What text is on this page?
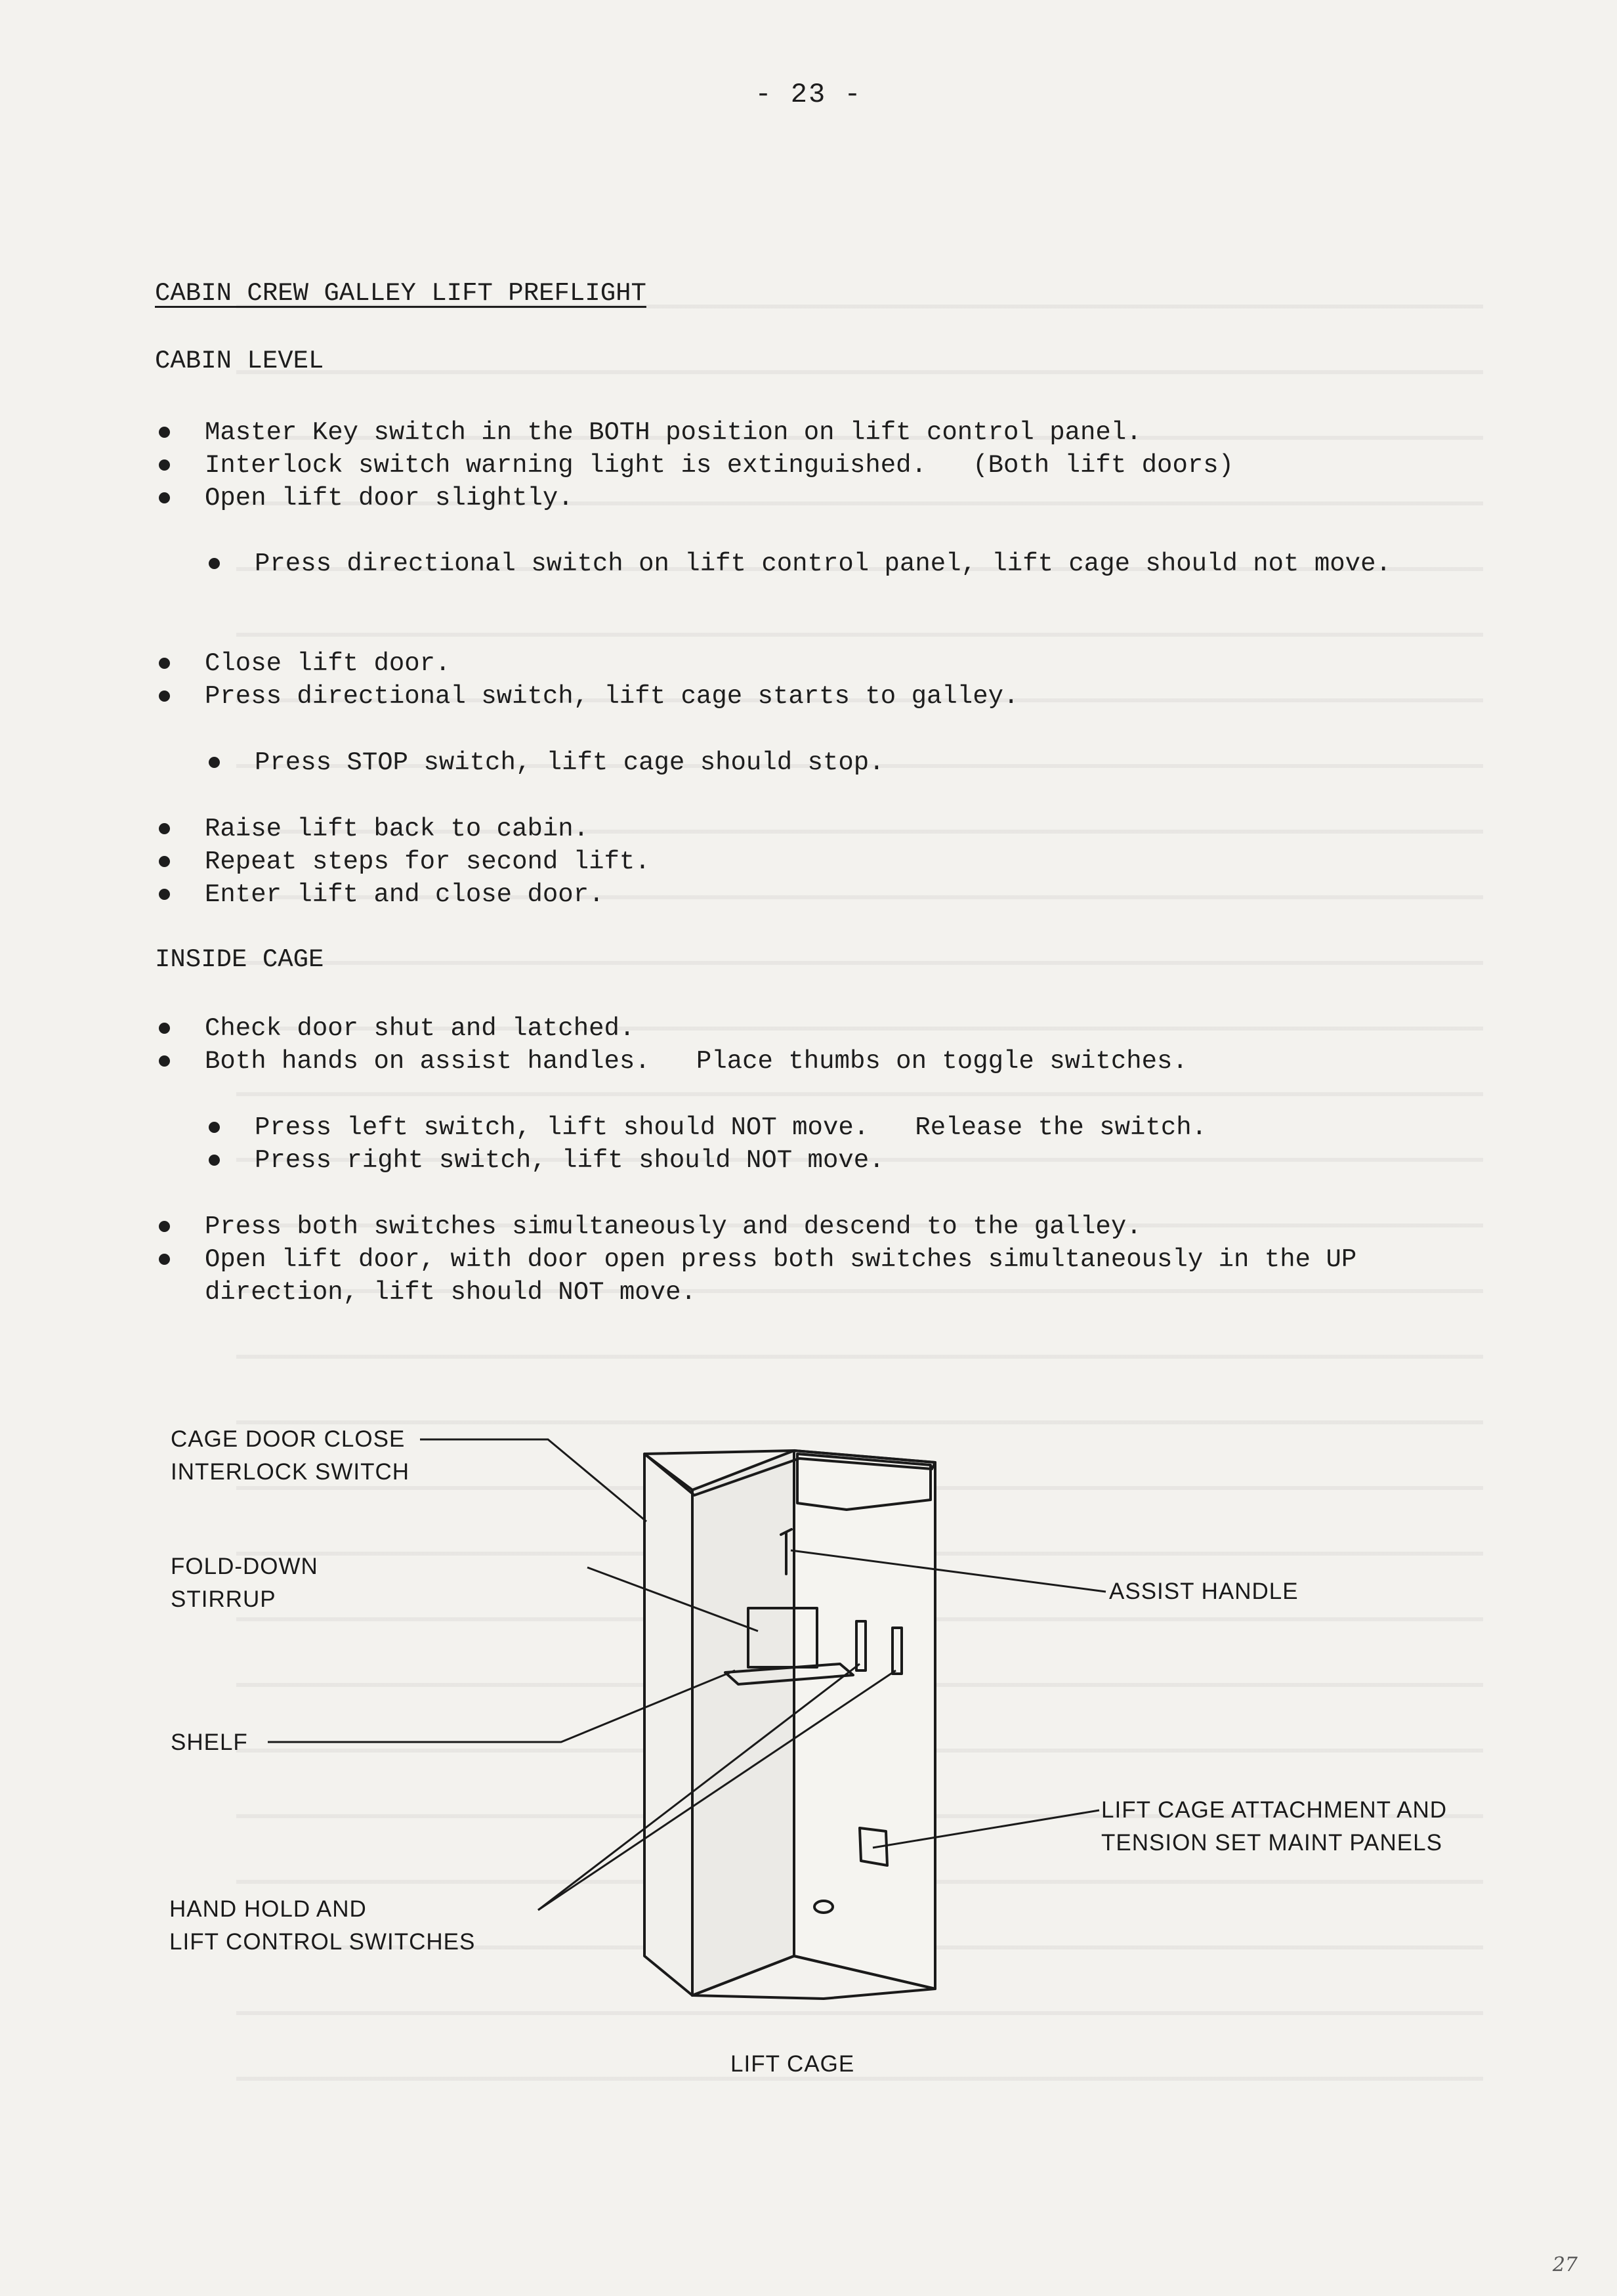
- 23 -
CABIN CREW GALLEY LIFT PREFLIGHT
CABIN LEVEL
Master Key switch in the BOTH position on lift control panel.
Interlock switch warning light is extinguished.   (Both lift doors)
Open lift door slightly.
Press directional switch on lift control panel, lift cage should not move.
Close lift door.
Press directional switch, lift cage starts to galley.
Press STOP switch, lift cage should stop.
Raise lift back to cabin.
Repeat steps for second lift.
Enter lift and close door.
INSIDE CAGE
Check door shut and latched.
Both hands on assist handles.   Place thumbs on toggle switches.
Press left switch, lift should NOT move.   Release the switch.
Press right switch, lift should NOT move.
Press both switches simultaneously and descend to the galley.
Open lift door, with door open press both switches simultaneously in the UP direction, lift should NOT move.
CAGE DOOR CLOSE
INTERLOCK SWITCH
FOLD-DOWN
STIRRUP
SHELF
HAND HOLD AND
LIFT CONTROL SWITCHES
ASSIST HANDLE
LIFT CAGE ATTACHMENT AND
TENSION SET MAINT PANELS
LIFT CAGE
27
